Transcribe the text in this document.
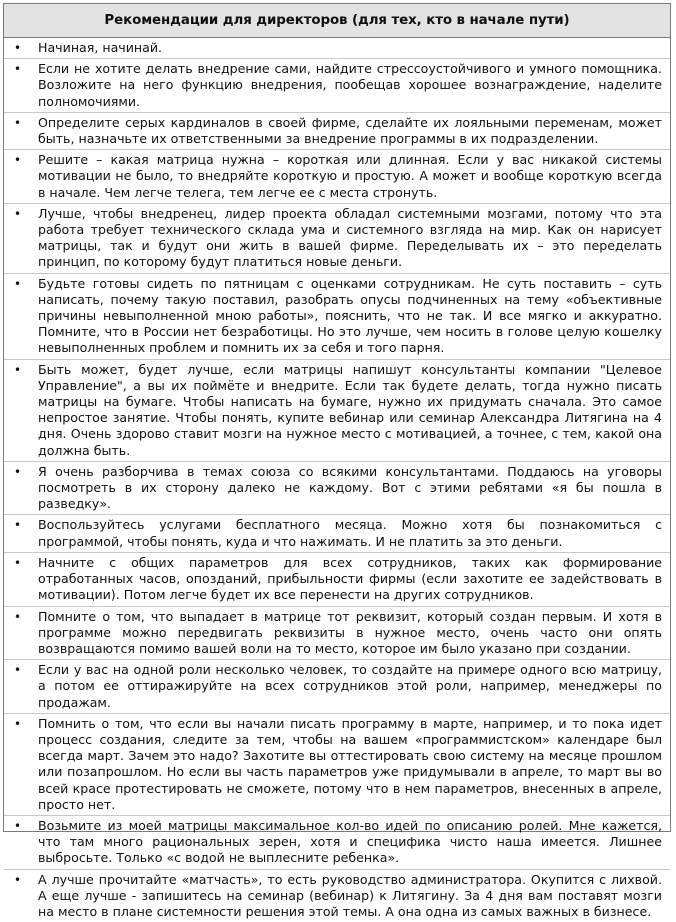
Рекомендации для директоров (для тех, кто в начале пути)
• Начиная, начинай.
• Если не хотите делать внедрение сами, найдите стрессоустойчивого и умного помощника. Возложите на него функцию внедрения, пообещав хорошее вознаграждение, наделите полномочиями.
• Определите серых кардиналов в своей фирме, сделайте их лояльными переменам, может быть, назначьте их ответственными за внедрение программы в их подразделении.
• Решите – какая матрица нужна – короткая или длинная. Если у вас никакой системы мотивации не было, то внедряйте короткую и простую. А может и вообще короткую всегда в начале. Чем легче телега, тем легче ее с места стронуть.
• Лучше, чтобы внедренец, лидер проекта обладал системными мозгами, потому что эта работа требует технического склада ума и системного взгляда на мир. Как он нарисует матрицы, так и будут они жить в вашей фирме. Переделывать их – это переделать принцип, по которому будут платиться новые деньги.
• Будьте готовы сидеть по пятницам с оценками сотрудникам. Не суть поставить – суть написать, почему такую поставил, разобрать опусы подчиненных на тему «объективные причины невыполненной мною работы», пояснить, что не так. И все мягко и аккуратно. Помните, что в России нет безработицы. Но это лучше, чем носить в голове целую кошелку невыполненных проблем и помнить их за себя и того парня.
• Быть может, будет лучше, если матрицы напишут консультанты компании "Целевое Управление", а вы их поймёте и внедрите. Если так будете делать, тогда нужно писать матрицы на бумаге. Чтобы написать на бумаге, нужно их придумать сначала. Это самое непростое занятие. Чтобы понять, купите вебинар или семинар Александра Литягина на 4 дня. Очень здорово ставит мозги на нужное место с мотивацией, а точнее, с тем, какой она должна быть.
• Я очень разборчива в темах союза со всякими консультантами. Поддаюсь на уговоры посмотреть в их сторону далеко не каждому. Вот с этими ребятами «я бы пошла в разведку».
• Воспользуйтесь услугами бесплатного месяца. Можно хотя бы познакомиться с программой, чтобы понять, куда и что нажимать. И не платить за это деньги.
• Начните с общих параметров для всех сотрудников, таких как формирование отработанных часов, опозданий, прибыльности фирмы (если захотите ее задействовать в мотивации). Потом легче будет их все перенести на других сотрудников.
• Помните о том, что выпадает в матрице тот реквизит, который создан первым. И хотя в программе можно передвигать реквизиты в нужное место, очень часто они опять возвращаются помимо вашей воли на то место, которое им было указано при создании.
• Если у вас на одной роли несколько человек, то создайте на примере одного всю матрицу, а потом ее оттиражируйте на всех сотрудников этой роли, например, менеджеры по продажам.
• Помнить о том, что если вы начали писать программу в марте, например, и то пока идет процесс создания, следите за тем, чтобы на вашем «программистском» календаре был всегда март. Зачем это надо? Захотите вы оттестировать свою систему на месяце прошлом или позапрошлом. Но если вы часть параметров уже придумывали в апреле, то март вы во всей красе протестировать не сможете, потому что в нем параметров, внесенных в апреле, просто нет.
• Возьмите из моей матрицы максимальное кол-во идей по описанию ролей. Мне кажется, что там много рациональных зерен, хотя и специфика чисто наша имеется. Лишнее выбросьте. Только «с водой не выплесните ребенка».
• А лучше прочитайте «матчасть», то есть руководство администратора. Окупится с лихвой. А еще лучше - запишитесь на семинар (вебинар) к Литягину. За 4 дня вам поставят мозги на место в плане системности решения этой темы. А она одна из самых важных в бизнесе.
